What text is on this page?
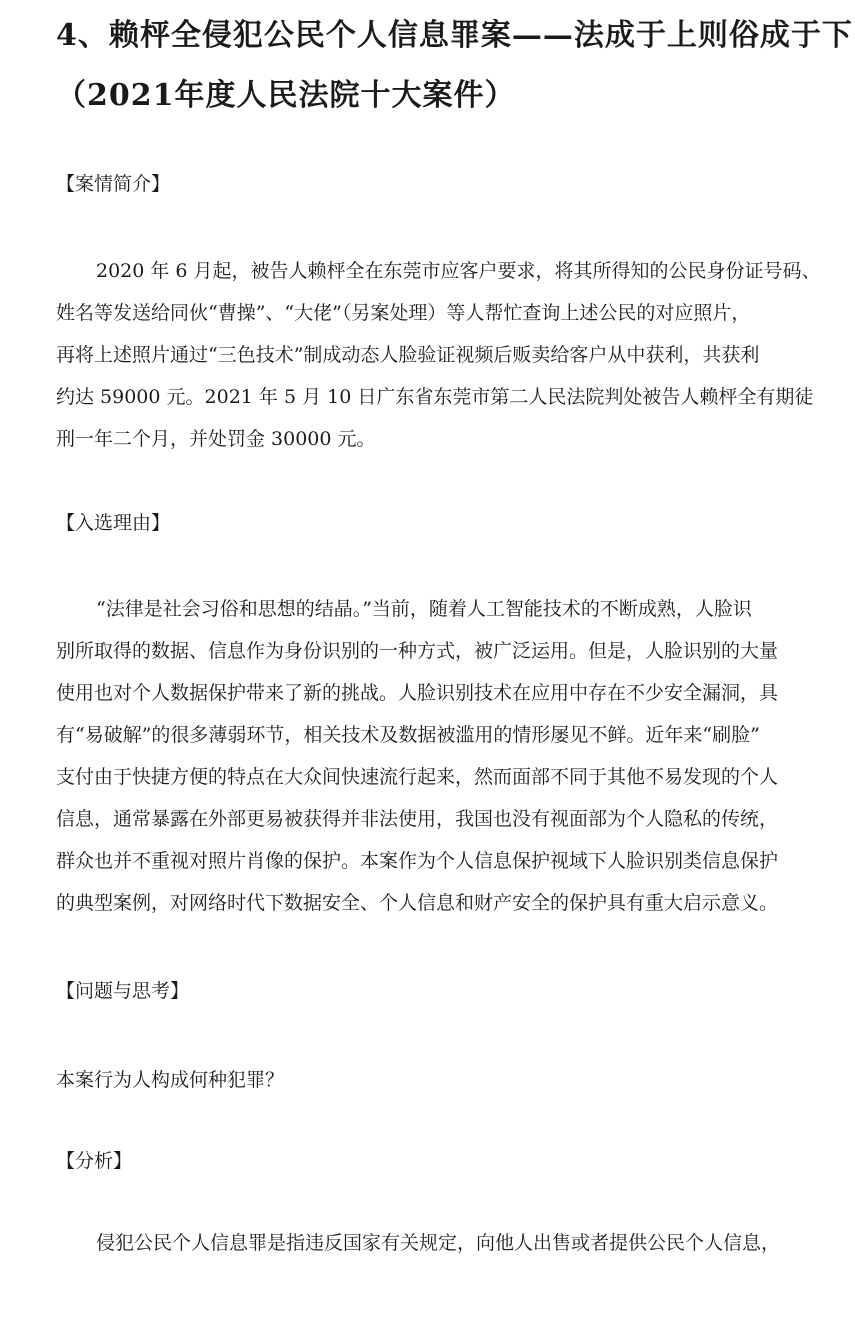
4、赖枰全侵犯公民个人信息罪案——法成于上则俗成于下
（2021年度人民法院十大案件）
【案情简介】
2020 年 6 月起，被告人赖枰全在东莞市应客户要求，将其所得知的公民身份证号码、
姓名等发送给同伙“曹操”、“大佬”（另案处理）等人帮忙查询上述公民的对应照片，
再将上述照片通过“三色技术”制成动态人脸验证视频后贩卖给客户从中获利，共获利
约达 59000 元。2021 年 5 月 10 日广东省东莞市第二人民法院判处被告人赖枰全有期徒
刑一年二个月，并处罚金 30000 元。
【入选理由】
“法律是社会习俗和思想的结晶。”当前，随着人工智能技术的不断成熟，人脸识
别所取得的数据、信息作为身份识别的一种方式，被广泛运用。但是，人脸识别的大量
使用也对个人数据保护带来了新的挑战。人脸识别技术在应用中存在不少安全漏洞，具
有“易破解”的很多薄弱环节，相关技术及数据被滥用的情形屡见不鲜。近年来“刷脸”
支付由于快捷方便的特点在大众间快速流行起来，然而面部不同于其他不易发现的个人
信息，通常暴露在外部更易被获得并非法使用，我国也没有视面部为个人隐私的传统，
群众也并不重视对照片肖像的保护。本案作为个人信息保护视域下人脸识别类信息保护
的典型案例，对网络时代下数据安全、个人信息和财产安全的保护具有重大启示意义。
【问题与思考】
本案行为人构成何种犯罪？
【分析】
侵犯公民个人信息罪是指违反国家有关规定，向他人出售或者提供公民个人信息，
